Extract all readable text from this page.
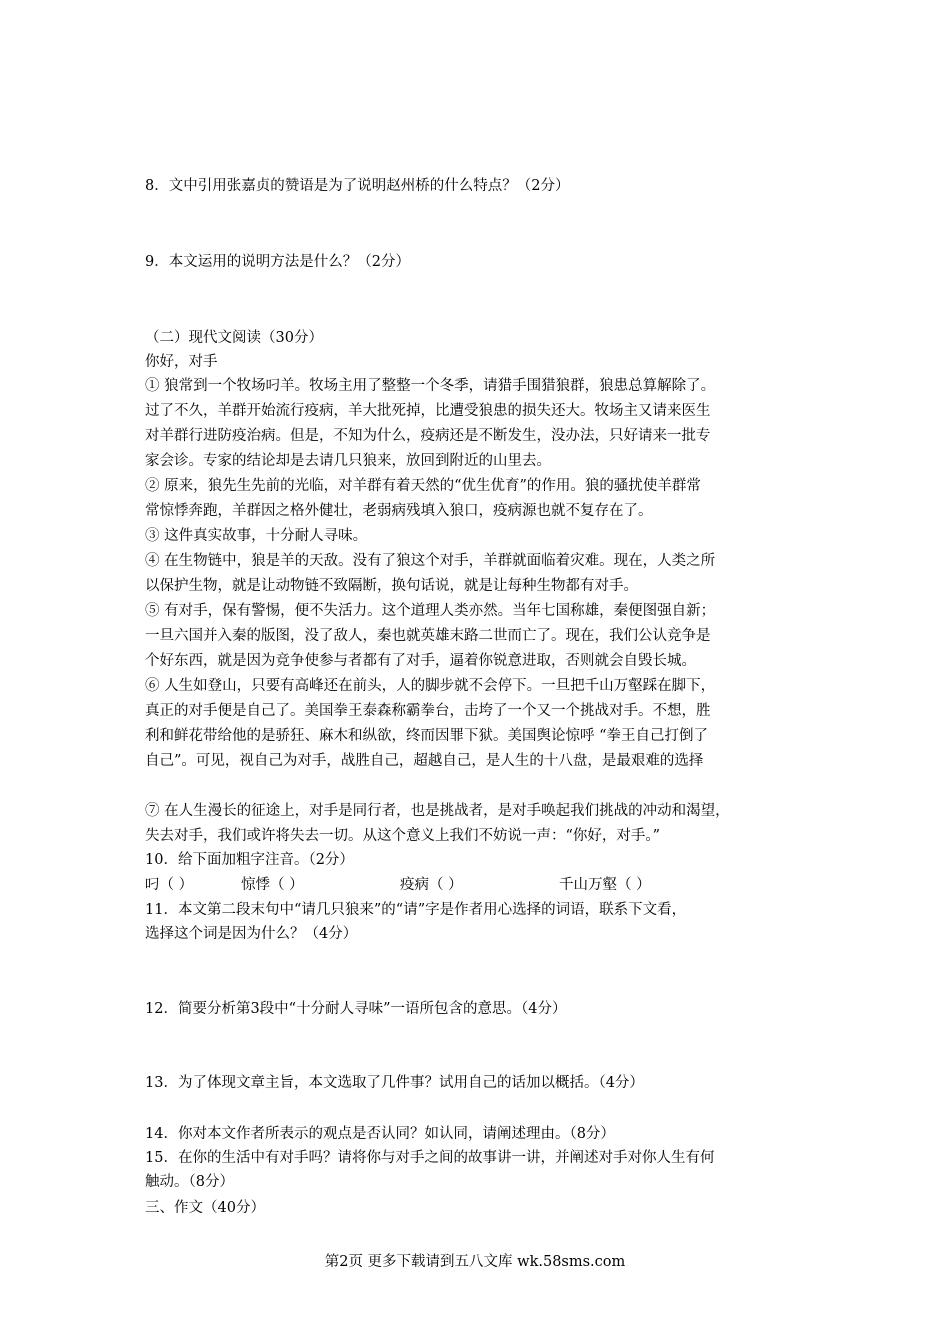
8．文中引用张嘉贞的赞语是为了说明赵州桥的什么特点？（2分）
9．本文运用的说明方法是什么？（2分）
（二）现代文阅读（30分）
你好，对手
① 狼常到一个牧场叼羊。牧场主用了整整一个冬季，请猎手围猎狼群，狼患总算解除了。
过了不久，羊群开始流行疫病，羊大批死掉，比遭受狼患的损失还大。牧场主又请来医生
对羊群行进防疫治病。但是，不知为什么，疫病还是不断发生，没办法，只好请来一批专
家会诊。专家的结论却是去请几只狼来，放回到附近的山里去。
② 原来，狼先生先前的光临，对羊群有着天然的“优生优育”的作用。狼的骚扰使羊群常
常惊悸奔跑，羊群因之格外健壮，老弱病残填入狼口，疫病源也就不复存在了。
③ 这件真实故事，十分耐人寻味。
④ 在生物链中，狼是羊的天敌。没有了狼这个对手，羊群就面临着灾难。现在，人类之所
以保护生物，就是让动物链不致隔断，换句话说，就是让每种生物都有对手。
⑤ 有对手，保有警惕，便不失活力。这个道理人类亦然。当年七国称雄，秦便图强自新；
一旦六国并入秦的版图，没了敌人，秦也就英雄末路二世而亡了。现在，我们公认竞争是
个好东西，就是因为竞争使参与者都有了对手，逼着你锐意进取，否则就会自毁长城。
⑥ 人生如登山，只要有高峰还在前头，人的脚步就不会停下。一旦把千山万壑踩在脚下，
真正的对手便是自己了。美国拳王泰森称霸拳台，击垮了一个又一个挑战对手。不想，胜
利和鲜花带给他的是骄狂、麻木和纵欲，终而因罪下狱。美国舆论惊呼 “拳王自己打倒了
自己”。可见，视自己为对手，战胜自己，超越自己，是人生的十八盘，是最艰难的选择
⑦ 在人生漫长的征途上，对手是同行者，也是挑战者，是对手唤起我们挑战的冲动和渴望，
失去对手，我们或许将失去一切。从这个意义上我们不妨说一声：“你好，对手。”
10．给下面加粗字注音。（2分）
叼（ ）	惊悸（ ）	疫病（ ）	千山万壑（ ）
11．本文第二段末句中“请几只狼来”的“请”字是作者用心选择的词语，联系下文看，
选择这个词是因为什么？（4分）
12．简要分析第3段中“十分耐人寻味”一语所包含的意思。（4分）
13．为了体现文章主旨，本文选取了几件事？试用自己的话加以概括。（4分）
14．你对本文作者所表示的观点是否认同？如认同，请阐述理由。（8分）
15．在你的生活中有对手吗？请将你与对手之间的故事讲一讲，并阐述对手对你人生有何
触动。（8分）
三、作文（40分）
第2页 更多下载请到五八文库 wk.58sms.com
